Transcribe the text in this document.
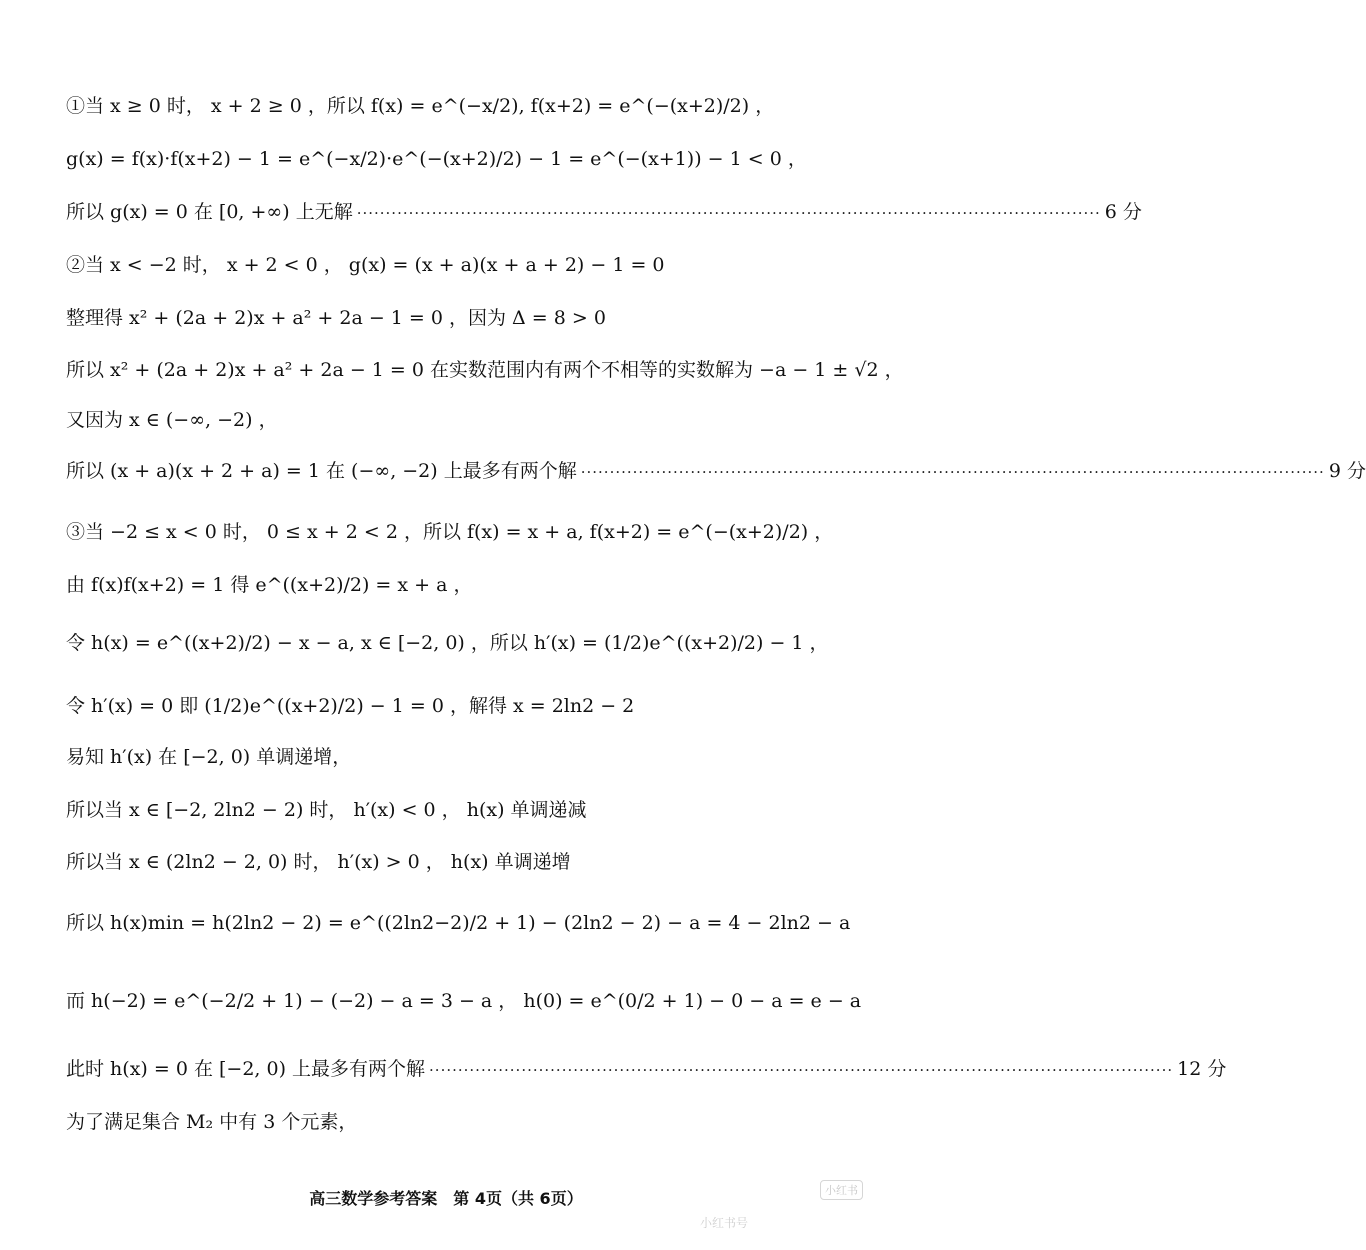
①当 x ≥ 0 时， x + 2 ≥ 0 ，所以 f(x) = e^(−x/2), f(x+2) = e^(−(x+2)/2) ，
g(x) = f(x)·f(x+2) − 1 = e^(−x/2)·e^(−(x+2)/2) − 1 = e^(−(x+1)) − 1 < 0 ，
所以 g(x) = 0 在 [0, +∞) 上无解 ································································································································· 6 分
②当 x < −2 时， x + 2 < 0 ， g(x) = (x + a)(x + a + 2) − 1 = 0
整理得 x² + (2a + 2)x + a² + 2a − 1 = 0 ，因为 Δ = 8 > 0
所以 x² + (2a + 2)x + a² + 2a − 1 = 0 在实数范围内有两个不相等的实数解为 −a − 1 ± √2 ，
又因为 x ∈ (−∞, −2) ，
所以 (x + a)(x + 2 + a) = 1 在 (−∞, −2) 上最多有两个解 ································································································································· 9 分
③当 −2 ≤ x < 0 时， 0 ≤ x + 2 < 2 ，所以 f(x) = x + a, f(x+2) = e^(−(x+2)/2) ，
由 f(x)f(x+2) = 1 得 e^((x+2)/2) = x + a ，
令 h(x) = e^((x+2)/2) − x − a, x ∈ [−2, 0) ，所以 h′(x) = (1/2)e^((x+2)/2) − 1 ，
令 h′(x) = 0 即 (1/2)e^((x+2)/2) − 1 = 0 ，解得 x = 2ln2 − 2
易知 h′(x) 在 [−2, 0) 单调递增，
所以当 x ∈ [−2, 2ln2 − 2) 时， h′(x) < 0 ， h(x) 单调递减
所以当 x ∈ (2ln2 − 2, 0) 时， h′(x) > 0 ， h(x) 单调递增
所以 h(x)min = h(2ln2 − 2) = e^((2ln2−2)/2 + 1) − (2ln2 − 2) − a = 4 − 2ln2 − a
而 h(−2) = e^(−2/2 + 1) − (−2) − a = 3 − a ， h(0) = e^(0/2 + 1) − 0 − a = e − a
此时 h(x) = 0 在 [−2, 0) 上最多有两个解 ································································································································· 12 分
为了满足集合 M₂ 中有 3 个元素，
高三数学参考答案　第 4页（共 6页）	小红书
小红书号
